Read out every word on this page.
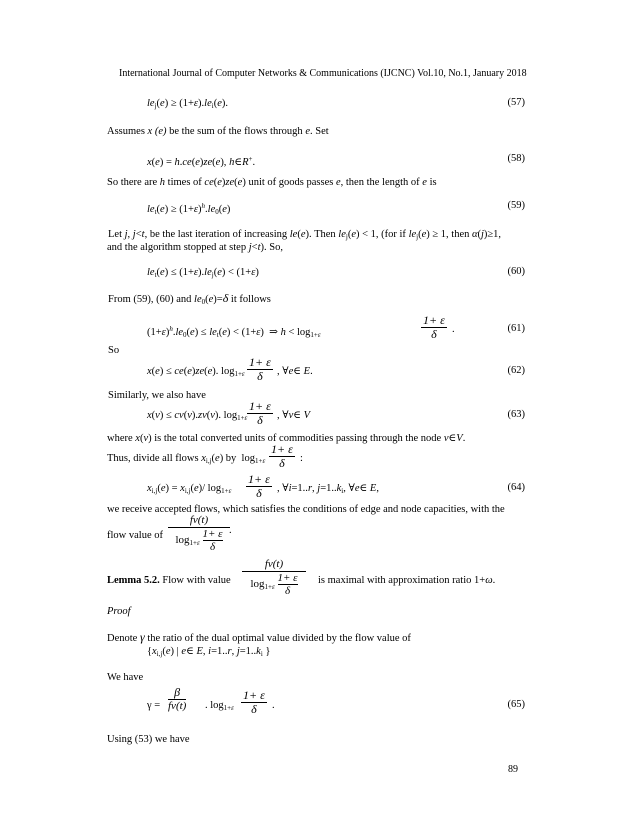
International Journal of Computer Networks & Communications (IJCNC) Vol.10, No.1, January 2018
$le_j(e) \ge (1+\varepsilon).le_i(e)$.	(57)
Assumes x (e) be the sum of the flows through e. Set
x(e) = h.ce(e)ze(e), h∈R+.	(58)
So there are h times of ce(e)ze(e) unit of goods passes e, then the length of e is
$le_t(e) \ge (1+\varepsilon)^h.le_0(e)$	(59)
Let j, j<t, be the last iteration of increasing le(e). Then $le_j(e) < 1$, (for if $le_j(e) \ge 1$, then α(j)≥1,
and the algorithm stopped at step j<t). So,
$le_t(e) \le (1+\varepsilon).le_j(e) < (1+\varepsilon)$	(60)
From (59), (60) and $le_0(e)=\delta$ it follows
$(1+\varepsilon)^h.le_0(e) \le le_t(e) < (1+\varepsilon)$  ⇒ $h < \log_{1+\varepsilon}$	$\frac{1+ \varepsilon}{\delta}$ .	(61)
So
x(e) ≤ ce(e)ze(e). $\log_{1+\varepsilon} \frac{1+ \varepsilon}{\delta}$ , ∀e∈ E.	(62)
Similarly, we also have
x(v) ≤ cv(v).zv(v). $\log_{1+\varepsilon} \frac{1+ \varepsilon}{\delta}$ , ∀v∈ V	(63)
where x(v) is the total converted units of commodities passing through the node v∈V.
Thus, divide all flows $x_{i,j}(e)$ by  $\log_{1+\varepsilon} \frac{1+ \varepsilon}{\delta}$ :
$x_{i,j}(e) = x_{i,j}(e)/$ $\log_{1+\varepsilon} \frac{1+ \varepsilon}{\delta}$ , ∀i=1..r, $j=1..k_i$, ∀e∈ E,	(64)
we receive accepted flows, which satisfies the conditions of edge and node capacities, with the
flow value of $\frac{fv(t)}{\log_{1+\varepsilon} \frac{1+ \varepsilon}{\delta}}$ .
Lemma 5.2. Flow with value $\frac{fv(t)}{\log_{1+\varepsilon} \frac{1+ \varepsilon}{\delta}}$ is maximal with approximation ratio 1+ω.
Proof
Denote γ the ratio of the dual optimal value divided by the flow value of
{$x_{i,j}(e)$ | e∈ E, i=1..r, $j=1..k_i$ }
We have
$\gamma = \frac{\beta}{fv(t)}$ . $\log_{1+\varepsilon} \frac{1+ \varepsilon}{\delta}$ .	(65)
Using (53) we have
89
